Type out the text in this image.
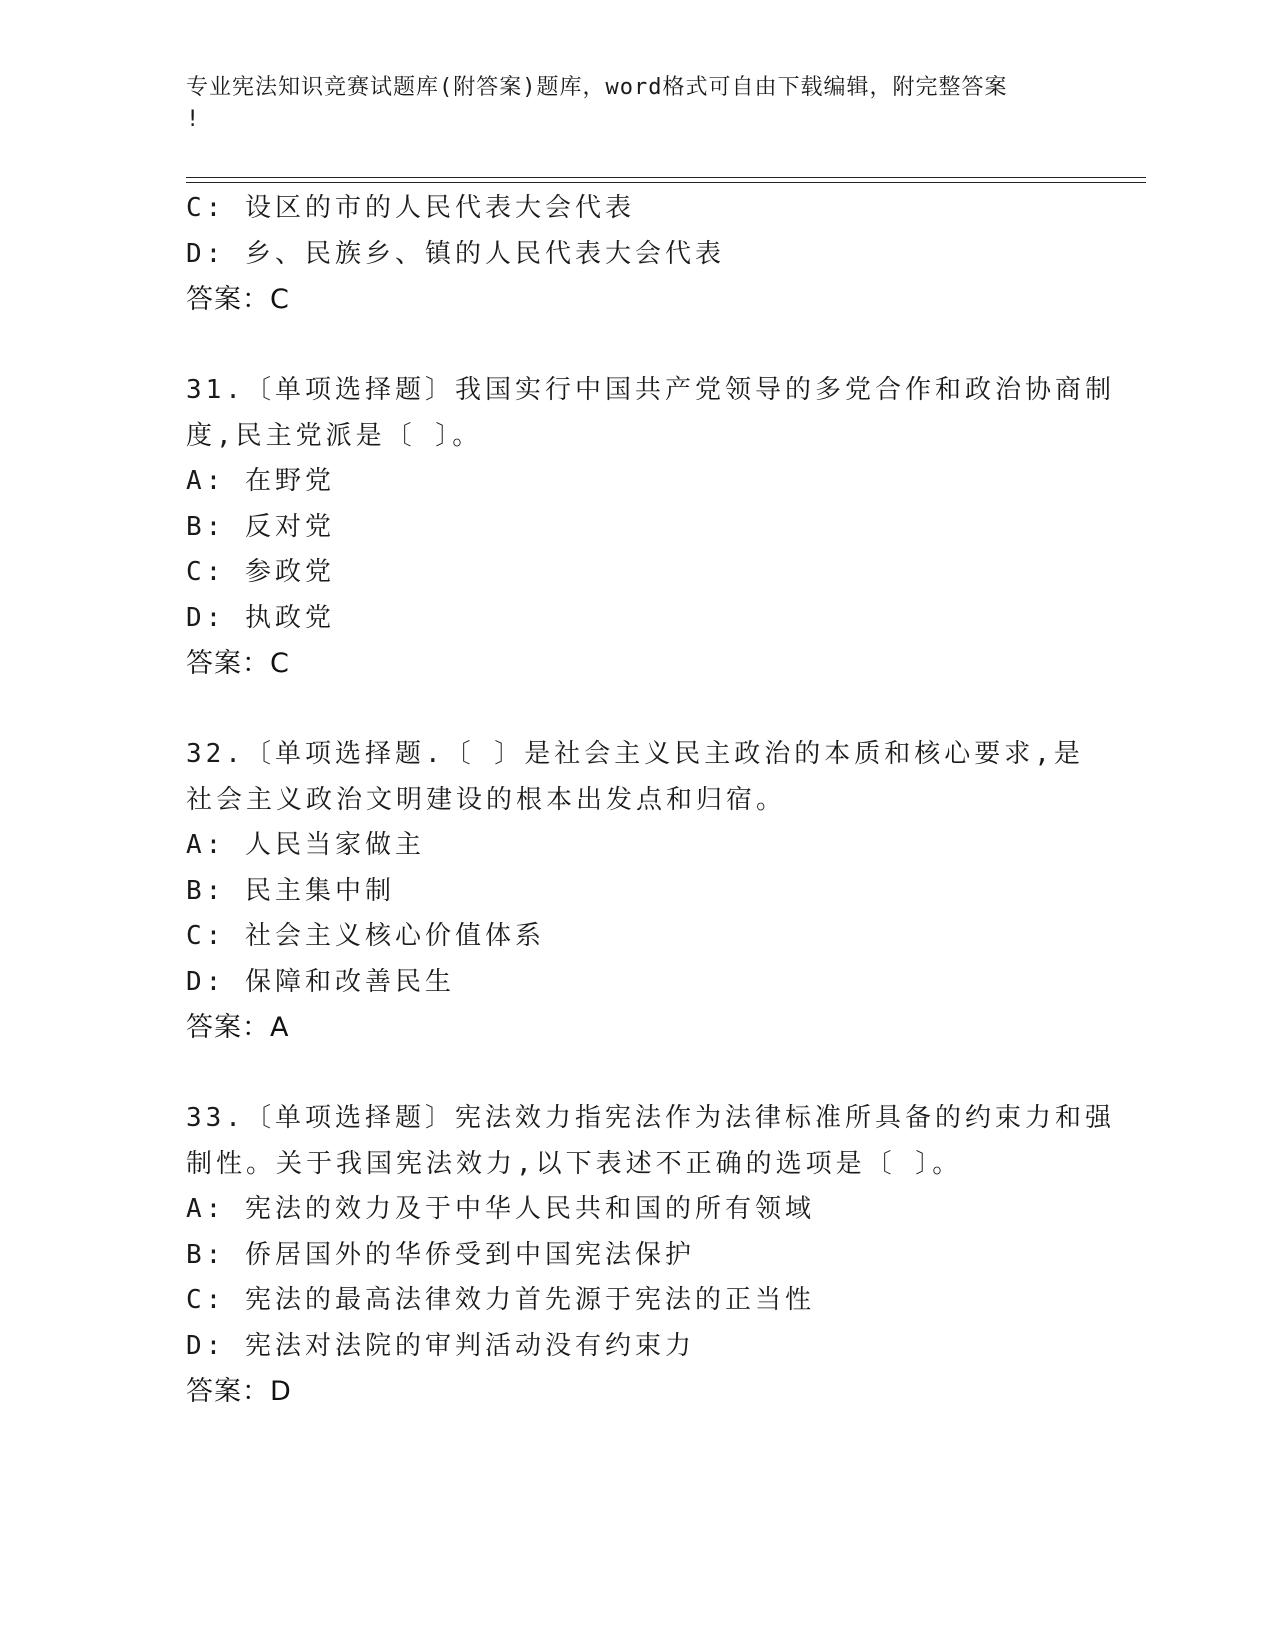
专业宪法知识竞赛试题库(附答案)题库，word格式可自由下载编辑，附完整答案
!
C: 设区的市的人民代表大会代表
D: 乡、民族乡、镇的人民代表大会代表
答案：C
31.〔单项选择题〕我国实行中国共产党领导的多党合作和政治协商制
度,民主党派是〔 〕。
A: 在野党
B: 反对党
C: 参政党
D: 执政党
答案：C
32.〔单项选择题.〔 〕是社会主义民主政治的本质和核心要求,是
社会主义政治文明建设的根本出发点和归宿。
A: 人民当家做主
B: 民主集中制
C: 社会主义核心价值体系
D: 保障和改善民生
答案：A
33.〔单项选择题〕宪法效力指宪法作为法律标准所具备的约束力和强
制性。关于我国宪法效力,以下表述不正确的选项是〔 〕。
A: 宪法的效力及于中华人民共和国的所有领域
B: 侨居国外的华侨受到中国宪法保护
C: 宪法的最高法律效力首先源于宪法的正当性
D: 宪法对法院的审判活动没有约束力
答案：D
